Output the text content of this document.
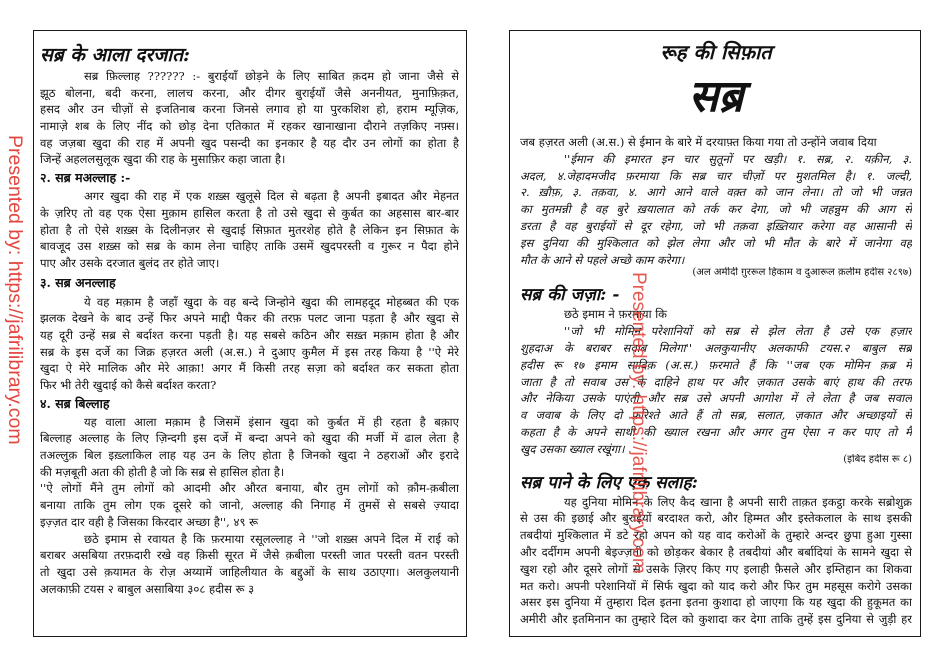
Presented by: https://jafrilibrary.com
सब्र के आला दरजात:
सब्र फ़िल्लाह ?????? :- बुराईयाँ छोड़ने के लिए साबित क़दम हो जाना जैसे से
झूठ बोलना, बदी करना, लालच करना, और दीगर बुराईयाँ जैसे अननीयत, मुनाफ़िक़त,
हसद और उन चीज़ों से इजतिनाब करना जिनसे लगाव हो या पुरकशिश हो, हराम म्यूज़िक,
नामाज़े शब के लिए नींद को छोड़ देना एतिकात में रहकर खानाखाना दौराने तज़किए नफ़्स।
वह जज़बा खुदा की राह में अपनी खुद पसन्दी का इनकार है यह दौर उन लोगों का होता है
जिन्हें अहललसुलूक खुदा की राह के मुसाफ़िर कहा जाता है।
२. सब्र मअल्लाह :-
अगर खुदा की राह में एक शख़्स खुलूसे दिल से बढ़ता है अपनी इबादत और मेहनत
के ज़रिए तो वह एक ऐसा मुक़ाम हासिल करता है तो उसे खुदा से कुर्बत का अहसास बार-बार
होता है तो ऐसे शख़्स के दिलीनज़र से खुदाई सिफ़ात मुतरशेह होते है लेकिन इन सिफ़ात के
बावजूद उस शख़्स को सब्र के काम लेना चाहिए ताकि उसमें खुदपरस्ती व गुरूर न पैदा होने
पाए और उसके दरजात बुलंद तर होते जाए।
३. सब्र अनल्लाह
ये वह मक़ाम है जहाँ खुदा के वह बन्दे जिन्होने खुदा की लामहदूद मोहब्बत की एक
झलक देखने के बाद उन्हें फिर अपने माद्दी पैकर की तरफ़ पलट जाना पड़ता है और खुदा से
यह दूरी उन्हें सब्र से बर्दाश्त करना पड़ती है। यह सबसे कठिन और सख़्त मक़ाम होता है और
सब्र के इस दर्जे का जिक्र हज़रत अली (अ.स.) ने दुआए कुमैल में इस तरह किया है ''ऐ मेरे
खुदा ऐ मेरे मालिक और मेरे आक़ा! अगर मैं किसी तरह सज़ा को बर्दाश्त कर सकता होता
फिर भी तेरी खुदाई को कैसे बर्दाश्त करता?
४. सब्र बिल्लाह
यह वाला आला मक़ाम है जिसमें इंसान खुदा को कुर्बत में ही रहता है बक़ाए
बिल्लाह अल्लाह के लिए ज़िन्दगी इस दर्जे में बन्दा अपने को खुदा की मर्जी में ढाल लेता है
तअल्लुक़ बिल इख़्लाकिल लाह यह उन के लिए होता है जिनको खुदा ने ठहराओं और इरादे
की मज़बूती अता की होती है जो कि सब्र से हासिल होता है।
''ऐ लोगों मैंने तुम लोगों को आदमी और औरत बनाया, बौर तुम लोगों को क़ौम-क़बीला
बनाया ताकि तुम लोग एक दूसरे को जानो, अल्लाह की निगाह में तुमसें से सबसे ज़्यादा
इज़्ज़त दार वही है जिसका किरदार अच्छा है'', ४९ रू
छठे इमाम से रवायत है कि फ़रमाया रसूलल्लाह ने ''जो शख़्स अपने दिल में राई को
बराबर असबिया तरफ़दारी रखे वह क़िसी सूरत में जैसे क़बीला परस्ती जात परस्ती वतन परस्ती
तो खुदा उसे क़यामत के रोज़ अय्यामें जाहिलीयात के बद्दुओं के साथ उठाएगा। अलकुलयानी
अलकाफ़ी टयस २ बाबुल असाबिया ३०८ हदीस रू ३
रूह की सिफ़ात
सब्र
जब हज़रत अली (अ.स.) से ईमान के बारे में दरयाफ़्त किया गया तो उन्होंने जवाब दिया
''ईमान की इमारत इन चार सुतूनों पर खड़ी। १. सब्र, २. यक़ीन, ३.
अदल, ४.जेहादमजीद फ़रमाया कि सब्र चार चीज़ों पर मुशतमिल है। १. जल्दी,
२. ख़ौफ़, ३. तक़वा, ४. आगे आने वाले वक़्त को जान लेना। तो जो भी जन्नत
का मुतमन्नी है वह बुरे ख़यालात को तर्क कर देगा, जो भी जहन्नुम की आग से
डरता है वह बुराईयों से दूर रहेगा, जो भी तक़वा इख़्तियार करेगा वह आसानी से
इस दुनिया की मुश्किलात को झेल लेगा और जो भी मौत के बारे में जानेगा वह
मौत के आने से पहले अच्छे काम करेगा।
(अल अमीदी ग़ुररूल हिकाम व दुआरूल क़लीम हदीस २८९७)
सब्र की जज़ा: -
छठे इमाम ने फ़रमाया कि
''जो भी मोमिन परेशानियों को सब्र से झेल लेता है उसे एक हज़ार
शुहदाअ के बराबर सवाब मिलेगा'' अलकुयानीए अलकाफी टयस.२ बाबुल सब्र
हदीस रू १७ इमाम सादिक़ (अ.स.) फ़रमाते हैं कि ''जब एक मोमिन क़ब्र में
जाता है तो सवाब उस के दाहिने हाथ पर और ज़कात उसके बाएं हाथ की तरफ
और नेकिया उसके पाएंती और सब्र उसे अपनी आगोश में ले लेता है जब सवाल
व जवाब के लिए दो फ़रिश्ते आते हैं तो सब्र, सलात, ज़कात और अच्छाइयों से
कहता है के अपने साथी की ख्याल रखना और अगर तुम ऐसा न कर पाए तो मैं
खुद उसका ख्याल रखूंगा।
(इबिद हदीस रू ८)
सब्र पाने के लिए एक सलाह:
यह दुनिया मोमिन के लिए कैद खाना है अपनी सारी ताक़त इकट्ठा करके सब्रोशुक्र
से उस की इछाई और बुराईयों बरदाश्त करो, और हिम्मत और इस्तेकलाल के साथ इसकी
तबदीयां मुश्किलात में डटे रहो अपन को यह वाद करोओं के तुम्हारे अन्दर छुपा हुआ गुस्सा
और दर्दीगम अपनी बेइज्ज़ती को छोड़कर बेकार है तबदीयां और बर्बादियां के सामने खुदा से
खुश रहो और दूसरे लोगों से उसके ज़िरए किए गए इलाही फ़ैसले और इम्तिहान का शिकवा
मत करो। अपनी परेशानियों में सिर्फ खुदा को याद करो और फिर तुम महसूस करोगे उसका
असर इस दुनिया में तुम्हारा दिल इतना इतना कुशादा हो जाएगा कि यह खुदा की हुकूमत का
अमीरी और इतमिनान का तुम्हारे दिल को कुशादा कर देगा ताकि तुम्हें इस दुनिया से जुड़ी हर
Presented by: https://jafrilibrary.com
